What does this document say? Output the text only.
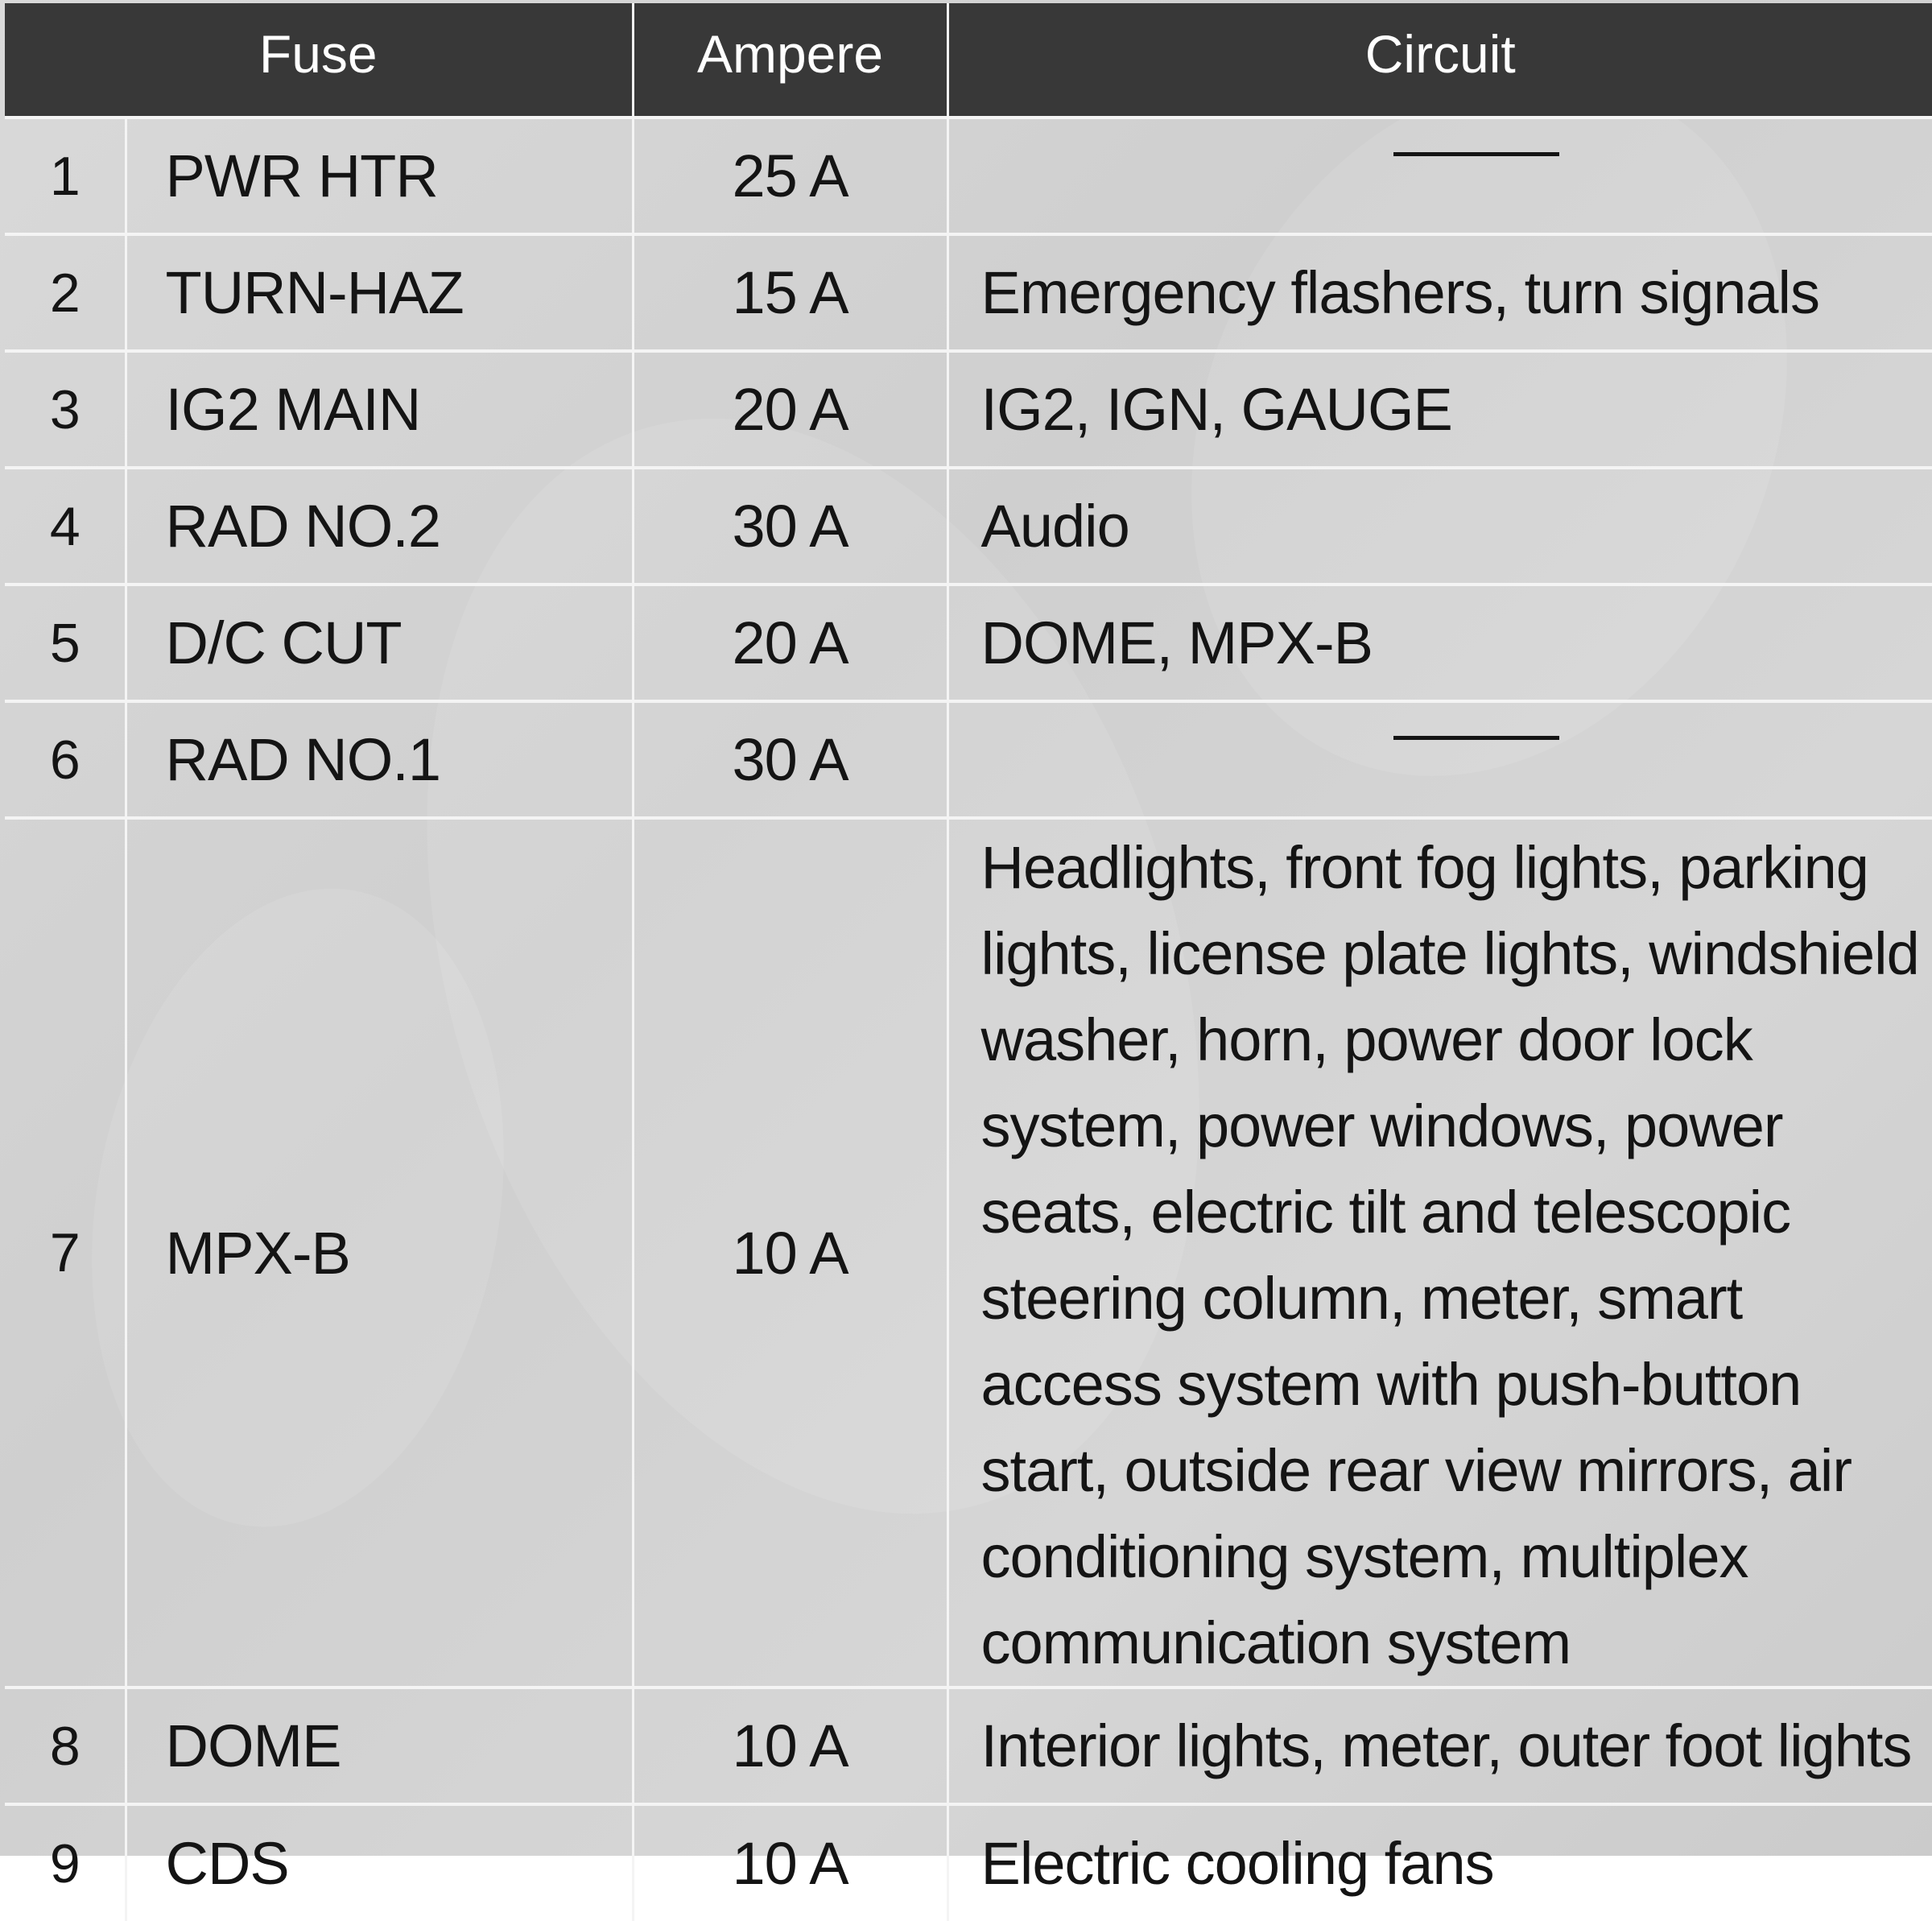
Fuse		Ampere	Circuit
1	PWR HTR	25 A	

2	TURN-HAZ	15 A	Emergency flashers, turn signals
3	IG2 MAIN	20 A	IG2, IGN, GAUGE
4	RAD NO.2	30 A	Audio
5	D/C CUT	20 A	DOME, MPX-B
6	RAD NO.1	30 A	

7	MPX-B	10 A	Headlights, front fog lights, parking lights, license plate lights, windshield washer, horn, power door lock system, power windows, power seats, electric tilt and telescopic steering column, meter, smart access system with push-button start, outside rear view mirrors, air conditioning system, multiplex communication system
8	DOME	10 A	Interior lights, meter, outer foot lights
9	CDS	10 A	Electric cooling fans
